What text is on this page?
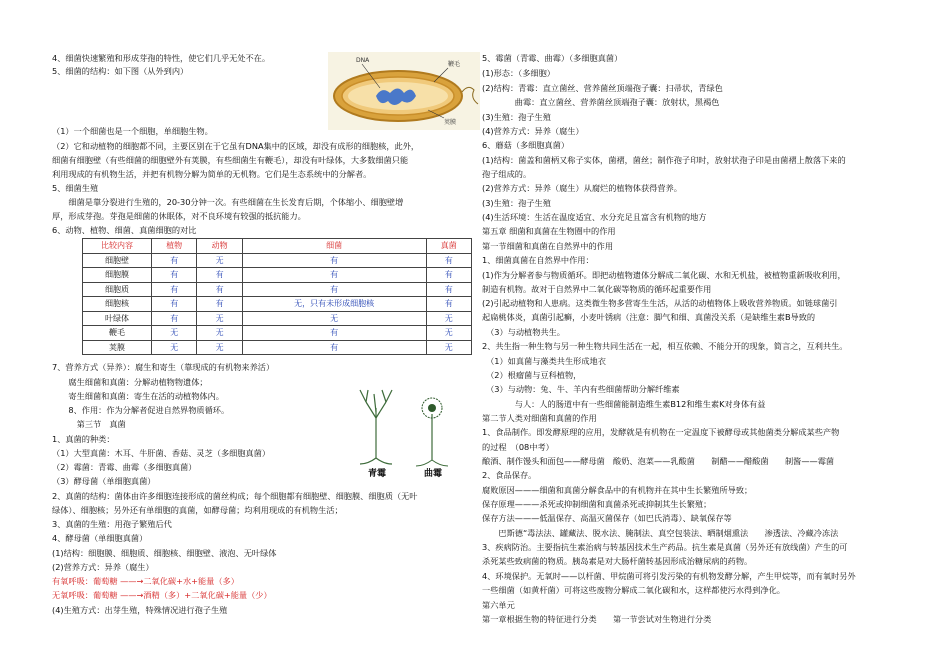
4、细菌快速繁殖和形成芽孢的特性，使它们几乎无处不在。
5、细菌的结构：如下图（从外到内）
DNA
鞭毛
荚膜
（1）一个细菌也是一个细胞，单细胞生物。
（2）它和动植物的细胞都不同，主要区别在于它虽有DNA集中的区域，却没有成形的细胞核，此外，
细菌有细胞壁（有些细菌的细胞壁外有荚膜，有些细菌生有鞭毛），却没有叶绿体，大多数细菌只能
利用现成的有机物生活，并把有机物分解为简单的无机物。它们是生态系统中的分解者。
5、细菌生殖
　　细菌是靠分裂进行生殖的，20-30分钟一次。有些细菌在生长发育后期，个体缩小、细胞壁增
厚，形成芽孢。芽孢是细菌的休眠体，对不良环境有较强的抵抗能力。
6、动物、植物、细菌、真菌细胞的对比
比较内容	植物	动物	细菌	真菌
细胞壁	有	无	有	有
细胞膜	有	有	有	有
细胞质	有	有	有	有
细胞核	有	有	无，只有未形成细胞核	有
叶绿体	有	无	无	无
鞭毛	无	无	有	无
荚膜	无	无	有	无
7、营养方式（异养）：腐生和寄生（靠现成的有机物来养活）
　　腐生细菌和真菌：分解动植物物遗体；
　　寄生细菌和真菌：寄生在活的动植物体内。
　　8、作用：作为分解者促进自然界物质循环。
　　　第三节　真菌
1、真菌的种类：
（1）大型真菌：木耳、牛肝菌、香菇、灵芝（多细胞真菌）
（2）霉菌：青霉、曲霉（多细胞真菌）
（3）酵母菌（单细胞真菌）
2、真菌的结构：菌体由许多细胞连接形成的菌丝构成；每个细胞都有细胞壁、细胞膜、细胞质（无叶
绿体）、细胞核；另外还有单细胞的真菌，如酵母菌；均利用现成的有机物生活；
3、真菌的生殖：用孢子繁殖后代
4、酵母菌（单细胞真菌）
(1)结构：细胞膜、细胞质、细胞核、细胞壁、液泡、无叶绿体
(2)营养方式：异养（腐生）
有氧呼吸：葡萄糖 ——→二氧化碳+水+能量（多）
无氧呼吸：葡萄糖 ——→酒精（多）+二氧化碳+能量（少）
(4)生殖方式：出芽生殖，特殊情况进行孢子生殖
青霉	曲霉
5、霉菌（青霉、曲霉）（多细胞真菌）
(1)形态：（多细胞）
(2)结构：青霉：直立菌丝、营养菌丝顶端孢子囊：扫帚状，青绿色
　　　　曲霉：直立菌丝、营养菌丝顶端孢子囊：放射状，黑褐色
(3)生殖：孢子生殖
(4)营养方式：异养（腐生）
6、蘑菇（多细胞真菌）
(1)结构：菌盖和菌柄又称子实体，菌褶，菌丝；制作孢子印时，放射状孢子印是由菌褶上散落下来的
孢子组成的。
(2)营养方式：异养（腐生）从腐烂的植物体获得营养。
(3)生殖：孢子生殖
(4)生活环境：生活在温度适宜、水分充足且富含有机物的地方
第五章 细菌和真菌在生物圈中的作用
第一节细菌和真菌在自然界中的作用
1、细菌真菌在自然界中作用：
(1)作为分解者参与物质循环。即把动植物遗体分解成二氧化碳、水和无机盐，被植物重新吸收利用，
制造有机物。故对于自然界中二氧化碳等物质的循环起重要作用
(2)引起动植物和人患病。这类微生物多营寄生生活，从活的动植物体上吸收营养物质。如链球菌引
起扁桃体炎，真菌引起癣，小麦叶锈病（注意：脚气和细、真菌没关系（是缺维生素B导致的
　（3）与动植物共生。
2、共生指一种生物与另一种生物共同生活在一起，相互依赖、不能分开的现象，简言之，互利共生。
　（1）如真菌与藻类共生形成地衣
　（2）根瘤菌与豆科植物，
　（3）与动物：兔、牛、羊内有些细菌帮助分解纤维素
　　　　与人：人的肠道中有一些细菌能制造维生素B12和维生素K对身体有益
第二节人类对细菌和真菌的作用
1、食品制作。即发酵原理的应用，发酵就是有机物在一定温度下被酵母或其他菌类分解成某些产物
的过程　（08中考）
酿酒、制作馒头和面包——酵母菌　酸奶、泡菜——乳酸菌　　制醋——醋酸菌　　制酱——霉菌
2、食品保存。
腐败原因———细菌和真菌分解食品中的有机物并在其中生长繁殖所导致；
保存原理———杀死或抑制细菌和真菌杀死或抑制其生长繁殖；
保存方法———低温保存、高温灭菌保存（如巴氏消毒）、缺氧保存等
　　巴斯德“毒法法、罐藏法、脱水法、腌制法、真空包装法、晒制烟熏法　　渗透法、冷藏冷冻法
3、疾病防治。主要指抗生素治病与转基因技术生产药品。抗生素是真菌（另外还有放线菌）产生的可
杀死某些致病菌的物质。胰岛素是对大肠杆菌转基因形成治糖尿病的药物。
4、环境保护。无氧时——以杆菌、甲烷菌可将引发污染的有机物发酵分解，产生甲烷等，而有氧时另外
一些细菌（如黄杆菌）可将这些废物分解成二氧化碳和水，这样都使污水得到净化。
第六单元
第一章根据生物的特征进行分类　　第一节尝试对生物进行分类
